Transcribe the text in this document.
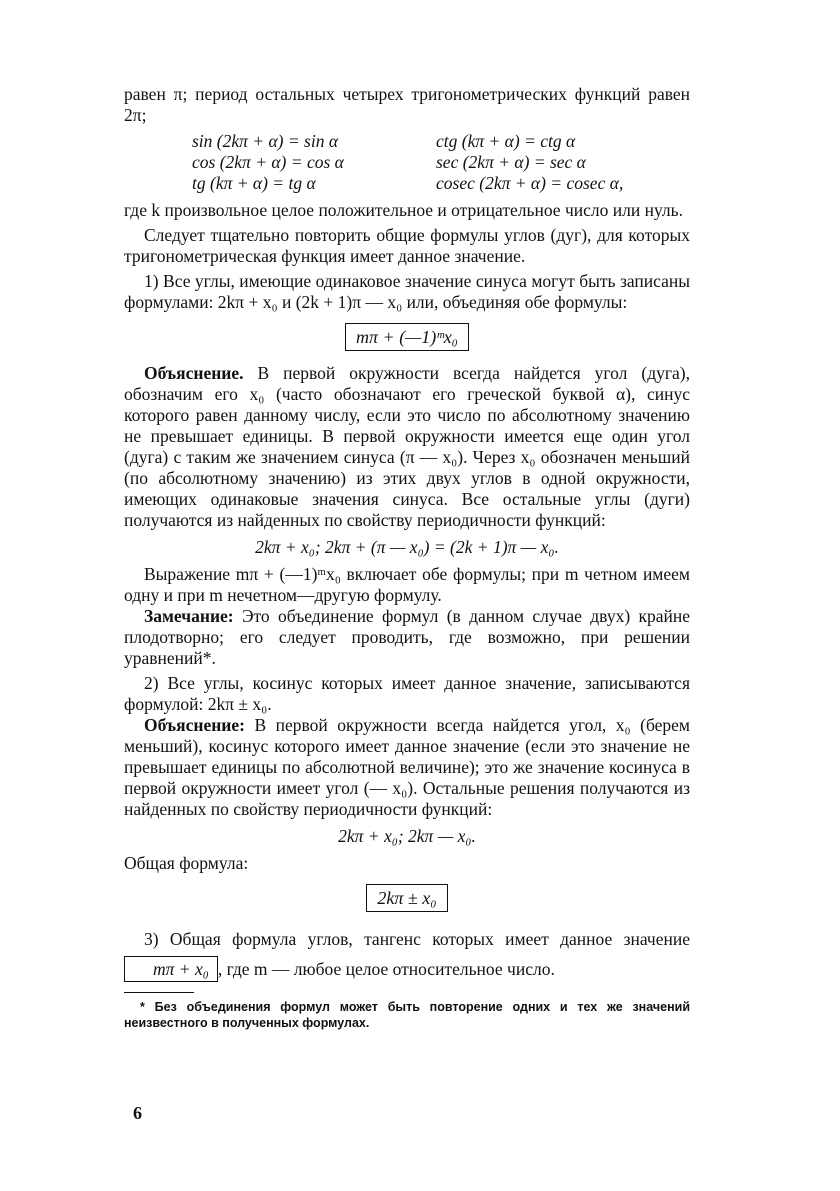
равен π; период остальных четырех тригонометрических функций равен 2π;

sin (2kπ + α) = sin α	ctg (kπ + α) = ctg α
cos (2kπ + α) = cos α	sec (2kπ + α) = sec α
tg (kπ + α) = tg α	cosec (2kπ + α) = cosec α,

где k произвольное целое положительное и отрицательное число или нуль.

Следует тщательно повторить общие формулы углов (дуг), для которых тригонометрическая функция имеет данное значение.

1) Все углы, имеющие одинаковое значение синуса могут быть записаны формулами: 2kπ + x₀ и (2k + 1)π — x₀ или, объединяя обе формулы:

mπ + (—1)ᵐx₀

Объяснение. В первой окружности всегда найдется угол (дуга), обозначим его x₀ (часто обозначают его греческой буквой α), синус которого равен данному числу, если это число по абсолютному значению не превышает единицы. В первой окружности имеется еще один угол (дуга) с таким же значением синуса (π — x₀). Через x₀ обозначен меньший (по абсолютному значению) из этих двух углов в одной окружности, имеющих одинаковые значения синуса. Все остальные углы (дуги) получаются из найденных по свойству периодичности функций:

2kπ + x₀; 2kπ + (π — x₀) = (2k + 1)π — x₀.

Выражение mπ + (—1)ᵐx₀ включает обе формулы; при m четном имеем одну и при m нечетном—другую формулу.

Замечание: Это объединение формул (в данном случае двух) крайне плодотворно; его следует проводить, где возможно, при решении уравнений*.

2) Все углы, косинус которых имеет данное значение, записываются формулой: 2kπ ± x₀.

Объяснение: В первой окружности всегда найдется угол, x₀ (берем меньший), косинус которого имеет данное значение (если это значение не превышает единицы по абсолютной величине); это же значение косинуса в первой окружности имеет угол (— x₀). Остальные решения получаются из найденных по свойству периодичности функций:

2kπ + x₀; 2kπ — x₀.

Общая формула:

2kπ ± x₀

3) Общая формула углов, тангенс которых имеет данное значение mπ + x₀ , где m — любое целое относительное число.

* Без объединения формул может быть повторение одних и тех же значений неизвестного в полученных формулах.

6
